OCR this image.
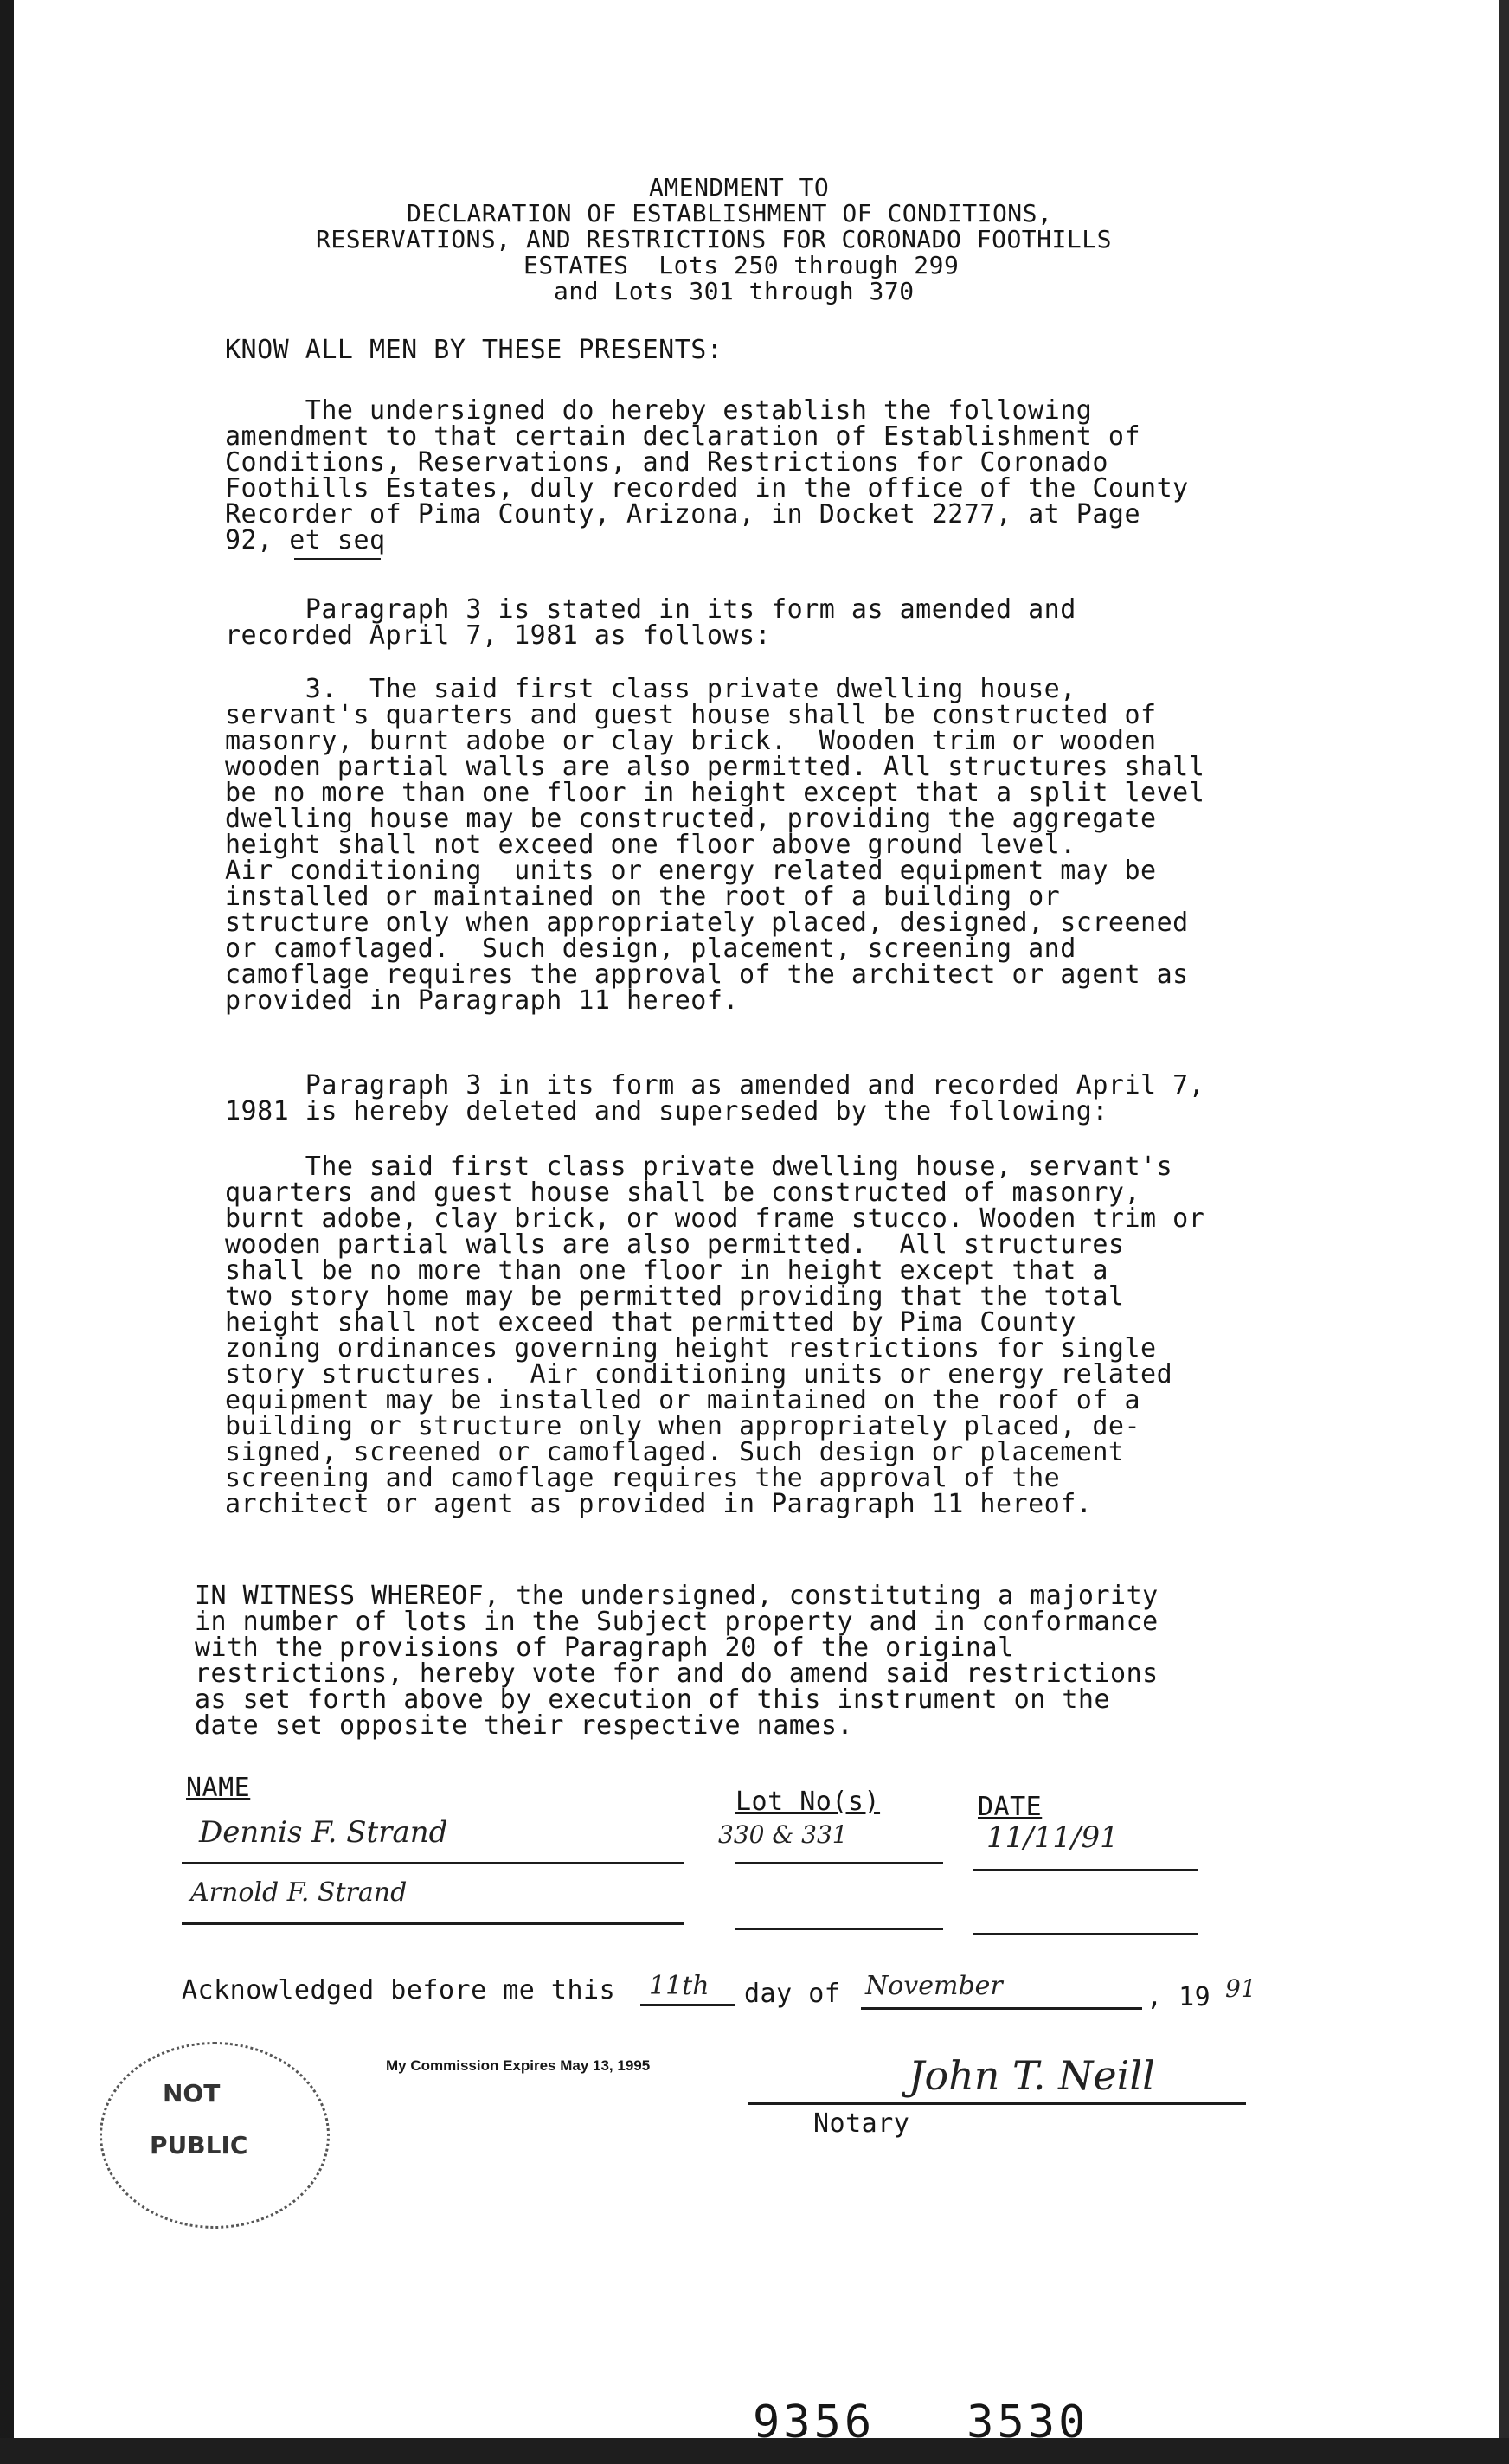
AMENDMENT TO
DECLARATION OF ESTABLISHMENT OF CONDITIONS,
RESERVATIONS, AND RESTRICTIONS FOR CORONADO FOOTHILLS
ESTATES  Lots 250 through 299
and Lots 301 through 370
KNOW ALL MEN BY THESE PRESENTS:
The undersigned do hereby establish the following
amendment to that certain declaration of Establishment of
Conditions, Reservations, and Restrictions for Coronado
Foothills Estates, duly recorded in the office of the County
Recorder of Pima County, Arizona, in Docket 2277, at Page
92, et seq
Paragraph 3 is stated in its form as amended and
recorded April 7, 1981 as follows:
3.  The said first class private dwelling house,
servant's quarters and guest house shall be constructed of
masonry, burnt adobe or clay brick.  Wooden trim or wooden
wooden partial walls are also permitted. All structures shall
be no more than one floor in height except that a split level
dwelling house may be constructed, providing the aggregate
height shall not exceed one floor above ground level.
Air conditioning  units or energy related equipment may be
installed or maintained on the root of a building or
structure only when appropriately placed, designed, screened
or camoflaged.  Such design, placement, screening and
camoflage requires the approval of the architect or agent as
provided in Paragraph 11 hereof.
Paragraph 3 in its form as amended and recorded April 7,
1981 is hereby deleted and superseded by the following:
The said first class private dwelling house, servant's
quarters and guest house shall be constructed of masonry,
burnt adobe, clay brick, or wood frame stucco. Wooden trim or
wooden partial walls are also permitted.  All structures
shall be no more than one floor in height except that a
two story home may be permitted providing that the total
height shall not exceed that permitted by Pima County
zoning ordinances governing height restrictions for single
story structures.  Air conditioning units or energy related
equipment may be installed or maintained on the roof of a
building or structure only when appropriately placed, de-
signed, screened or camoflaged. Such design or placement
screening and camoflage requires the approval of the
architect or agent as provided in Paragraph 11 hereof.
IN WITNESS WHEREOF, the undersigned, constituting a majority
in number of lots in the Subject property and in conformance
with the provisions of Paragraph 20 of the original
restrictions, hereby vote for and do amend said restrictions
as set forth above by execution of this instrument on the
date set opposite their respective names.
NAME	Lot No(s)	DATE
Dennis F. Strand	330 & 331	11/11/91
Arnold F. Strand
Acknowledged before me this 11th day of November	, 19 91
NOT
PUBLIC
My Commission Expires May 13, 1995	John T. Neill
Notary
9356   3530
